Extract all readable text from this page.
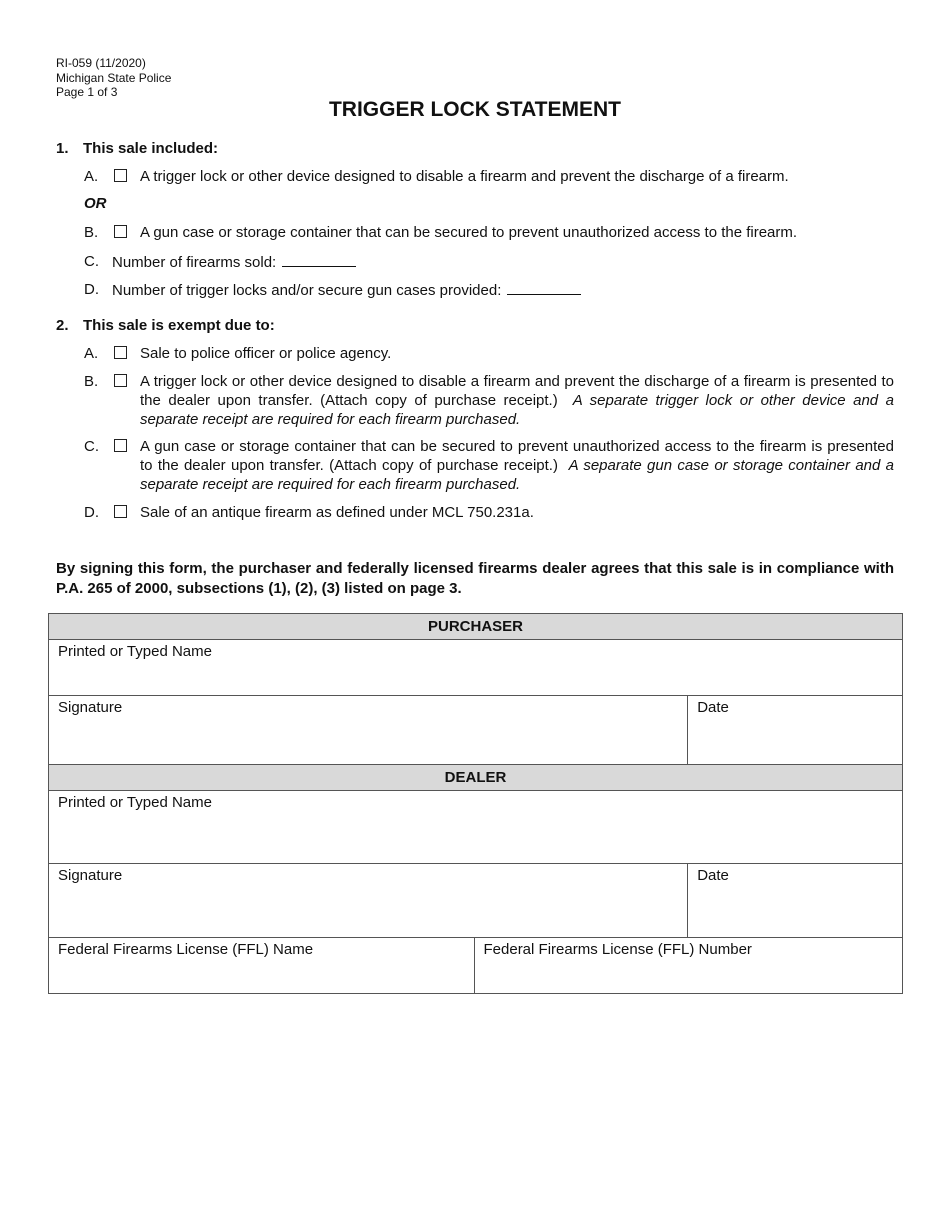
RI-059 (11/2020)
Michigan State Police
Page 1 of 3
TRIGGER LOCK STATEMENT
1. This sale included:
A.	A trigger lock or other device designed to disable a firearm and prevent the discharge of a firearm.
OR
B.	A gun case or storage container that can be secured to prevent unauthorized access to the firearm.
C. Number of firearms sold:
D. Number of trigger locks and/or secure gun cases provided:
2. This sale is exempt due to:
A.	Sale to police officer or police agency.
B.	A trigger lock or other device designed to disable a firearm and prevent the discharge of a firearm is presented to the dealer upon transfer. (Attach copy of purchase receipt.) A separate trigger lock or other device and a separate receipt are required for each firearm purchased.
C.	A gun case or storage container that can be secured to prevent unauthorized access to the firearm is presented to the dealer upon transfer. (Attach copy of purchase receipt.) A separate gun case or storage container and a separate receipt are required for each firearm purchased.
D.	Sale of an antique firearm as defined under MCL 750.231a.
By signing this form, the purchaser and federally licensed firearms dealer agrees that this sale is in compliance with P.A. 265 of 2000, subsections (1), (2), (3) listed on page 3.
PURCHASER		
Printed or Typed Name		
Signature		Date
DEALER		
Printed or Typed Name		
Signature		Date
Federal Firearms License (FFL) Name	Federal Firearms License (FFL) Number	
